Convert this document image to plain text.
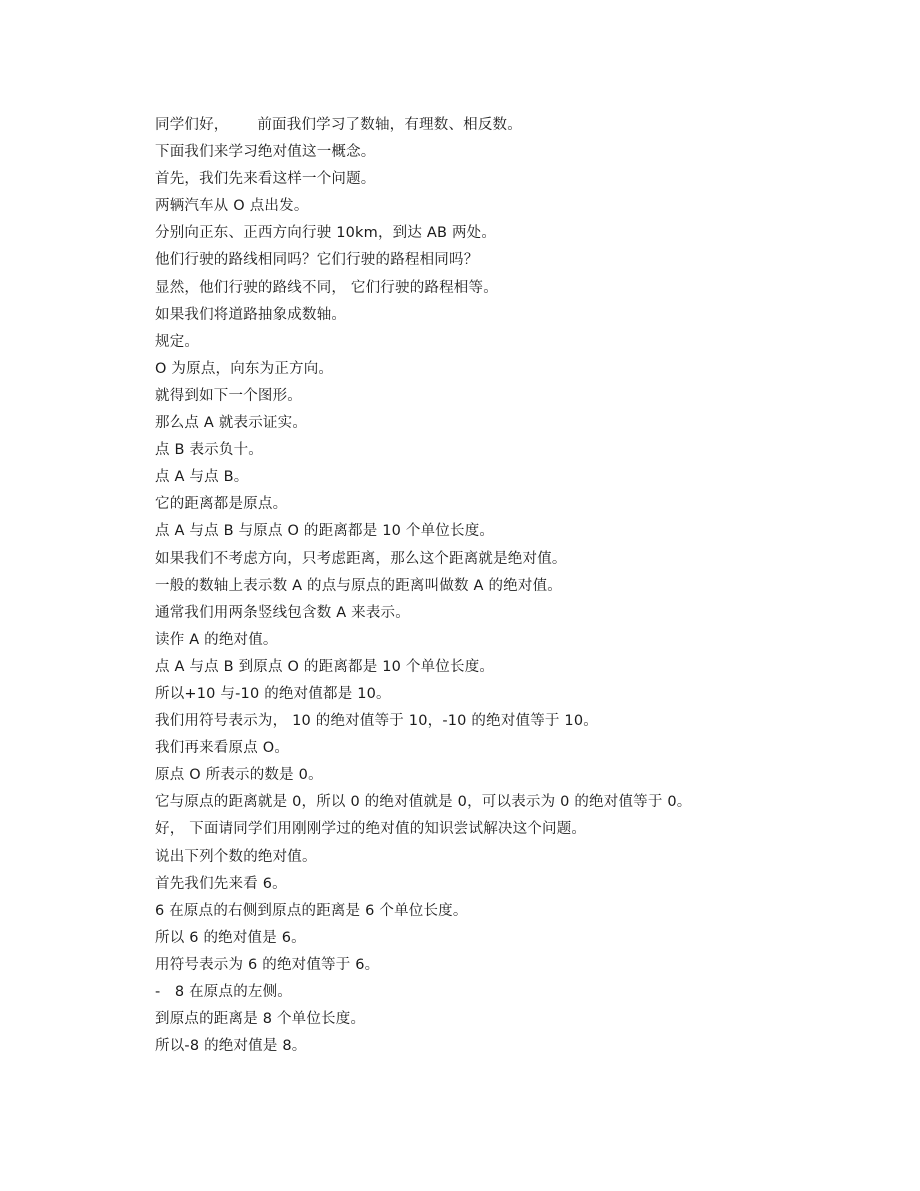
同学们好，      前面我们学习了数轴，有理数、相反数。
下面我们来学习绝对值这一概念。
首先，我们先来看这样一个问题。
两辆汽车从 O 点出发。
分别向正东、正西方向行驶 10km，到达 AB 两处。
他们行驶的路线相同吗？它们行驶的路程相同吗？
显然，他们行驶的路线不同， 它们行驶的路程相等。
如果我们将道路抽象成数轴。
规定。
O 为原点，向东为正方向。
就得到如下一个图形。
那么点 A 就表示证实。
点 B 表示负十。
点 A 与点 B。
它的距离都是原点。
点 A 与点 B 与原点 O 的距离都是 10 个单位长度。
如果我们不考虑方向，只考虑距离，那么这个距离就是绝对值。
一般的数轴上表示数 A 的点与原点的距离叫做数 A 的绝对值。
通常我们用两条竖线包含数 A 来表示。
读作 A 的绝对值。
点 A 与点 B 到原点 O 的距离都是 10 个单位长度。
所以+10 与-10 的绝对值都是 10。
我们用符号表示为， 10 的绝对值等于 10，-10 的绝对值等于 10。
我们再来看原点 O。
原点 O 所表示的数是 0。
它与原点的距离就是 0，所以 0 的绝对值就是 0，可以表示为 0 的绝对值等于 0。
好， 下面请同学们用刚刚学过的绝对值的知识尝试解决这个问题。
说出下列个数的绝对值。
首先我们先来看 6。
6 在原点的右侧到原点的距离是 6 个单位长度。
所以 6 的绝对值是 6。
用符号表示为 6 的绝对值等于 6。
-   8 在原点的左侧。
到原点的距离是 8 个单位长度。
所以-8 的绝对值是 8。
